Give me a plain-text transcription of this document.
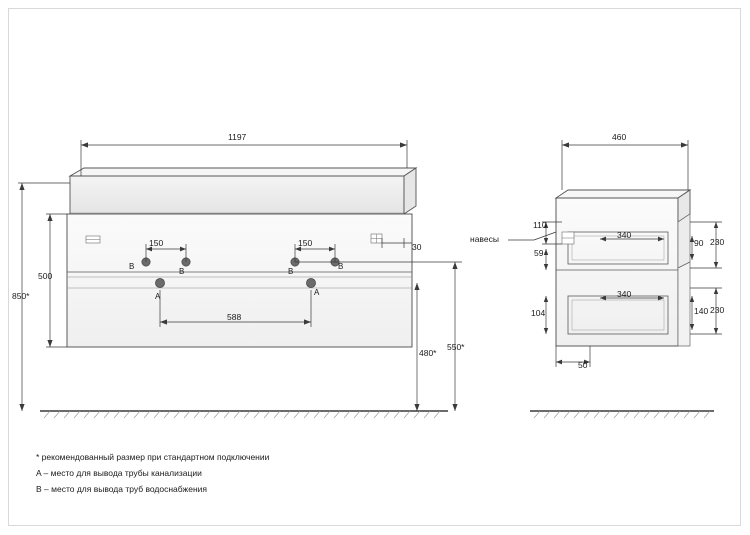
1197
850*
500
480*
550*
150	150
588
30
B
B	B
B
A	A
460
110
59
340
90 230
104
340
140 230
50
навесы
* рекомендованный размер при стандартном подключении
A – место для вывода трубы канализации
B – место для вывода труб водоснабжения
